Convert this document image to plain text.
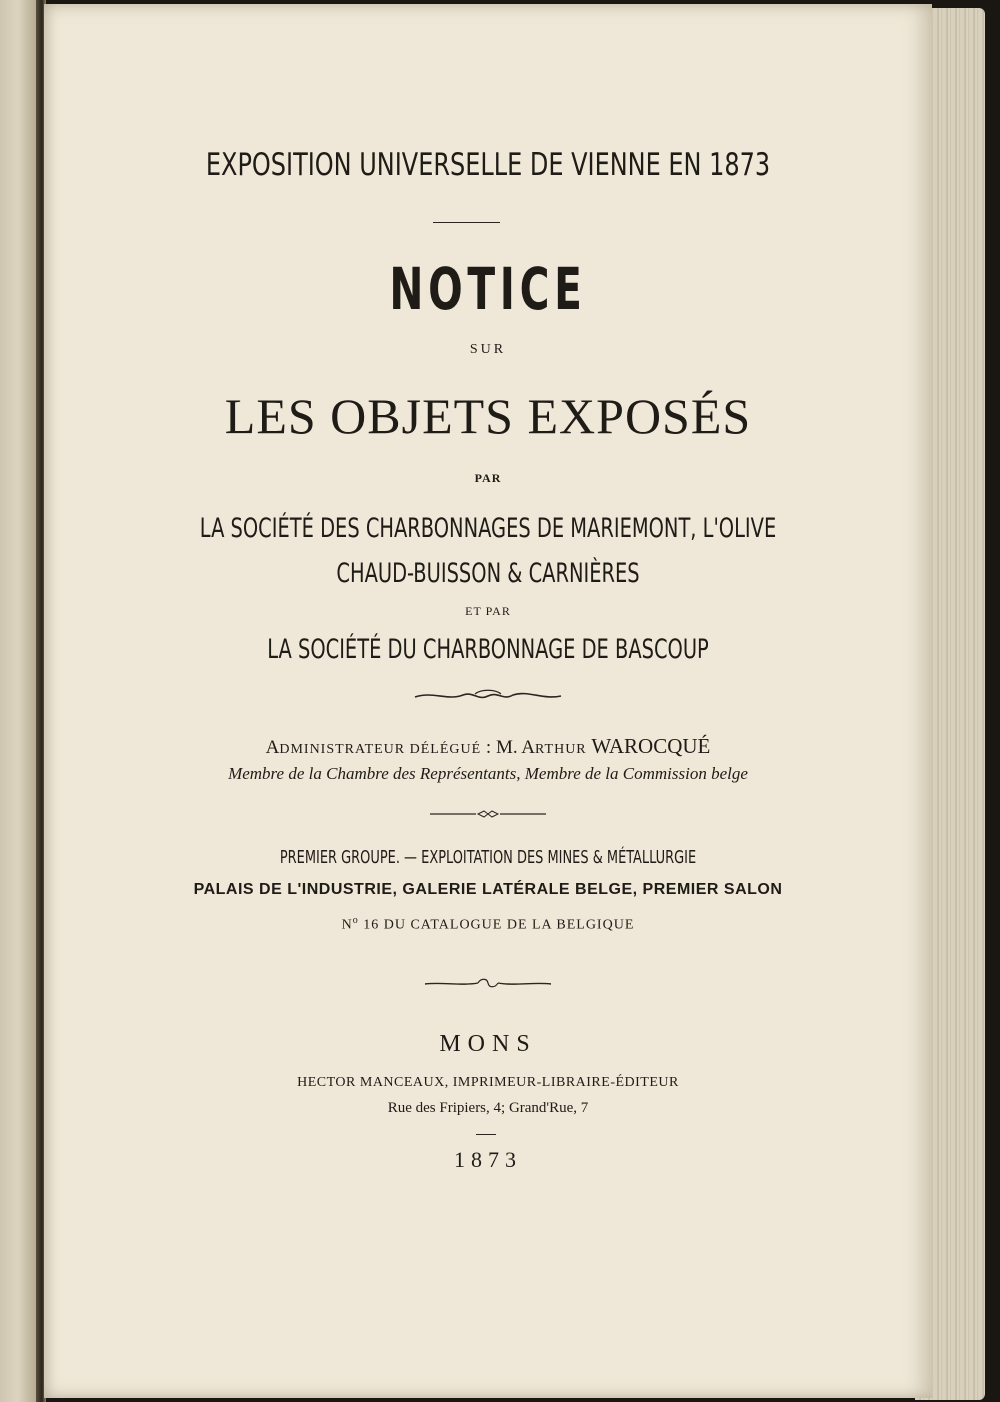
EXPOSITION UNIVERSELLE DE VIENNE EN 1873
NOTICE
SUR
LES OBJETS EXPOSÉS
PAR
LA SOCIÉTÉ DES CHARBONNAGES DE MARIEMONT, L'OLIVE
CHAUD-BUISSON & CARNIÈRES
ET PAR
LA SOCIÉTÉ DU CHARBONNAGE DE BASCOUP
ADMINISTRATEUR DÉLÉGUÉ : M. ARTHUR WAROCQUÉ
Membre de la Chambre des Représentants, Membre de la Commission belge
PREMIER GROUPE. — EXPLOITATION DES MINES & MÉTALLURGIE
PALAIS DE L'INDUSTRIE, GALERIE LATÉRALE BELGE, PREMIER SALON
$N^o$ 16 DU CATALOGUE DE LA BELGIQUE
MONS
HECTOR MANCEAUX, IMPRIMEUR-LIBRAIRE-ÉDITEUR
Rue des Fripiers, 4; Grand'Rue, 7
1873
